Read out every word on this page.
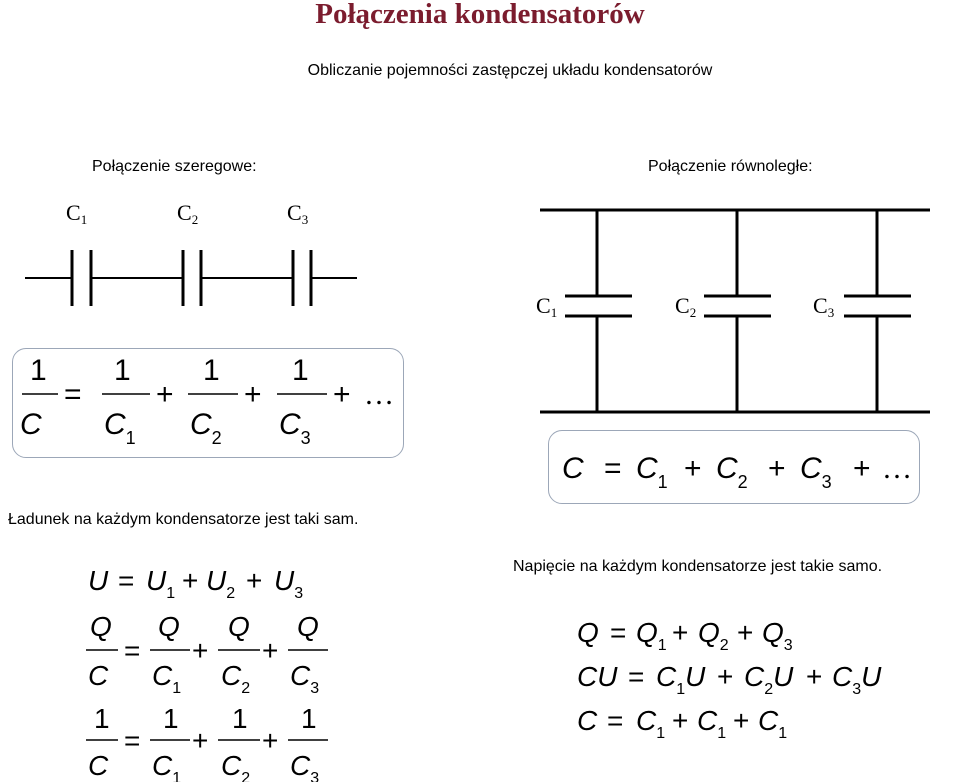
Połączenia kondensatorów
Obliczanie pojemności zastępczej układu kondensatorów
Połączenie szeregowe:	Połączenie równoległe:
Ładunek na każdym kondensatorze jest taki sam.
Napięcie na każdym kondensatorze jest takie samo.
C1	C2	C3
C1	C2	C3
1
C
=
1
$C_1$
+
1
$C_2$
+
1
$C_3$
+ …
$C = C_1 + C_2 + C_3$ + …
$U = U_1 + U_2 + U_3$
Q
C
=
Q
$C_1$
+
Q
$C_2$
+
Q
$C_3$
1
C
=
1
$C_1$
+
1
$C_2$
+
1
$C_3$
$Q = Q_1 + Q_2 + Q_3$
CU = $C_1U + C_2U + C_3U$
$C = C_1 + C_1 + C_1$
